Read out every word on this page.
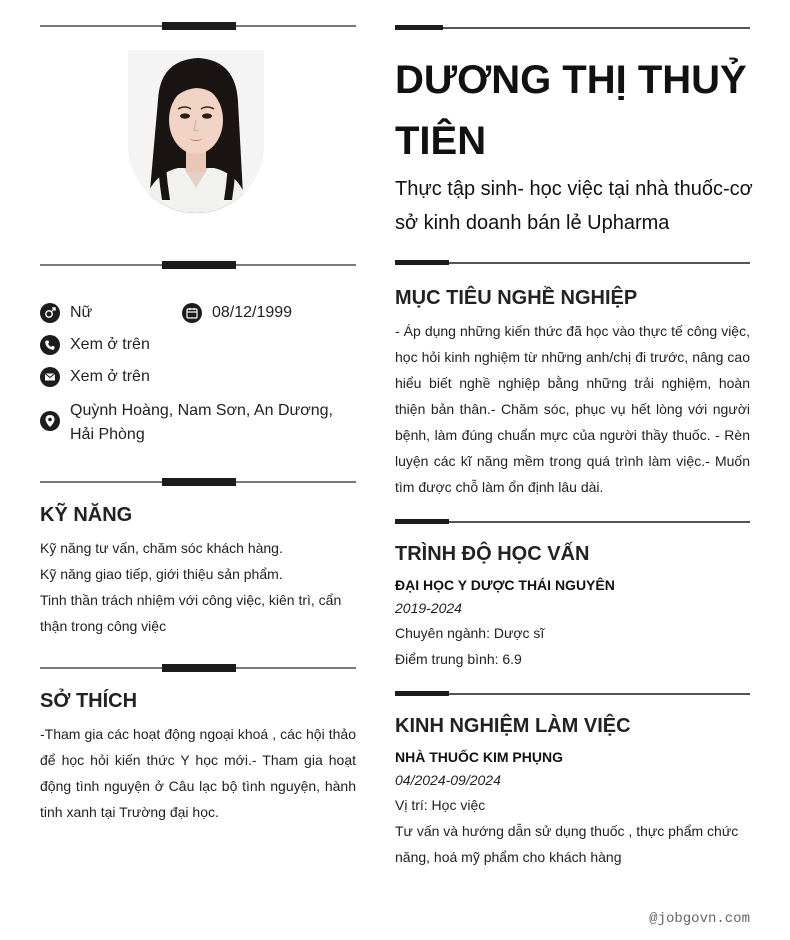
Nữ	08/12/1999
Xem ở trên
Xem ở trên
Quỳnh Hoàng, Nam Sơn, An Dương, Hải Phòng
KỸ NĂNG
Kỹ năng tư vấn, chăm sóc khách hàng.
Kỹ năng giao tiếp, giới thiệu sản phẩm.
Tinh thần trách nhiệm với công việc, kiên trì, cẩn thận trong công việc
SỞ THÍCH
-Tham gia các hoạt động ngoại khoá , các hội thảo để học hỏi kiến thức Y học mới.- Tham gia hoạt động tình nguyện ở Câu lạc bộ tình nguyện, hành tinh xanh tại Trường đại học.
DƯƠNG THỊ THUỶ TIÊN
Thực tập sinh- học việc tại nhà thuốc-cơ sở kinh doanh bán lẻ Upharma
MỤC TIÊU NGHỀ NGHIỆP
- Áp dụng những kiến thức đã học vào thực tế công việc, học hỏi kinh nghiệm từ những anh/chị đi trước, nâng cao hiểu biết nghề nghiệp bằng những trải nghiệm, hoàn thiện bản thân.- Chăm sóc, phục vụ hết lòng với người bệnh, làm đúng chuẩn mực của người thầy thuốc. - Rèn luyện các kĩ năng mềm trong quá trình làm việc.- Muốn tìm được chỗ làm ổn định lâu dài.
TRÌNH ĐỘ HỌC VẤN
ĐẠI HỌC Y DƯỢC THÁI NGUYÊN
2019-2024
Chuyên ngành: Dược sĩ
Điểm trung bình: 6.9
KINH NGHIỆM LÀM VIỆC
NHÀ THUỐC KIM PHỤNG
04/2024-09/2024
Vị trí: Học việc
Tư vấn và hướng dẫn sử dụng thuốc , thực phẩm chức năng, hoá mỹ phẩm cho khách hàng
@jobgovn.com
